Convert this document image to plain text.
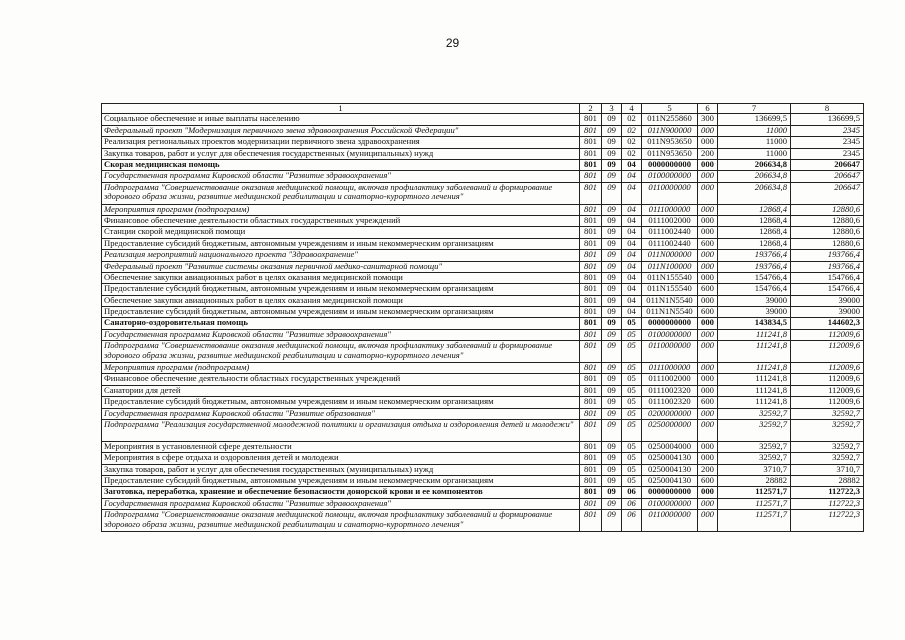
29
1	2	3	4	5	6	7	8
Социальное обеспечение и иные выплаты населению	801	09	02	011N255860	300	136699,5	136699,5
Федеральный проект "Модернизация первичного звена здравоохранения Российской Федерации"	801	09	02	011N900000	000	11000	2345
Реализация региональных проектов модернизации первичного звена здравоохранения	801	09	02	011N953650	000	11000	2345
Закупка товаров, работ и услуг для обеспечения государственных (муниципальных) нужд	801	09	02	011N953650	200	11000	2345
Скорая медицинская помощь	801	09	04	0000000000	000	206634,8	206647
Государственная программа Кировской области "Развитие здравоохранения"	801	09	04	0100000000	000	206634,8	206647
Подпрограмма "Совершенствование оказания медицинской помощи, включая профилактику заболеваний и формирование здорового образа жизни, развитие медицинской реабилитации и санаторно-курортного лечения"	801	09	04	0110000000	000	206634,8	206647
Мероприятия программ (подпрограмм)	801	09	04	0111000000	000	12868,4	12880,6
Финансовое обеспечение деятельности областных государственных учреждений	801	09	04	0111002000	000	12868,4	12880,6
Станции скорой медицинской помощи	801	09	04	0111002440	000	12868,4	12880,6
Предоставление субсидий бюджетным, автономным учреждениям и иным некоммерческим организациям	801	09	04	0111002440	600	12868,4	12880,6
Реализация мероприятий национального проекта "Здравоохранение"	801	09	04	011N000000	000	193766,4	193766,4
Федеральный проект "Развитие системы оказания первичной медико-санитарной помощи"	801	09	04	011N100000	000	193766,4	193766,4
Обеспечение закупки авиационных работ в целях оказания медицинской помощи	801	09	04	011N155540	000	154766,4	154766,4
Предоставление субсидий бюджетным, автономным учреждениям и иным некоммерческим организациям	801	09	04	011N155540	600	154766,4	154766,4
Обеспечение закупки авиационных работ в целях оказания медицинской помощи	801	09	04	011N1N5540	000	39000	39000
Предоставление субсидий бюджетным, автономным учреждениям и иным некоммерческим организациям	801	09	04	011N1N5540	600	39000	39000
Санаторно-оздоровительная помощь	801	09	05	0000000000	000	143834,5	144602,3
Государственная программа Кировской области "Развитие здравоохранения"	801	09	05	0100000000	000	111241,8	112009,6
Подпрограмма "Совершенствование оказания медицинской помощи, включая профилактику заболеваний и формирование здорового образа жизни, развитие медицинской реабилитации и санаторно-курортного лечения"	801	09	05	0110000000	000	111241,8	112009,6
Мероприятия программ (подпрограмм)	801	09	05	0111000000	000	111241,8	112009,6
Финансовое обеспечение деятельности областных государственных учреждений	801	09	05	0111002000	000	111241,8	112009,6
Санатории для детей	801	09	05	0111002320	000	111241,8	112009,6
Предоставление субсидий бюджетным, автономным учреждениям и иным некоммерческим организациям	801	09	05	0111002320	600	111241,8	112009,6
Государственная программа Кировской области "Развитие образования"	801	09	05	0200000000	000	32592,7	32592,7
Подпрограмма "Реализация государственной молодежной политики и организация отдыха и оздоровления детей и молодежи"	801	09	05	0250000000	000	32592,7	32592,7
Мероприятия в установленной сфере деятельности	801	09	05	0250004000	000	32592,7	32592,7
Мероприятия в сфере отдыха и оздоровления детей и молодежи	801	09	05	0250004130	000	32592,7	32592,7
Закупка товаров, работ и услуг для обеспечения государственных (муниципальных) нужд	801	09	05	0250004130	200	3710,7	3710,7
Предоставление субсидий бюджетным, автономным учреждениям и иным некоммерческим организациям	801	09	05	0250004130	600	28882	28882
Заготовка, переработка, хранение и обеспечение безопасности донорской крови и ее компонентов	801	09	06	0000000000	000	112571,7	112722,3
Государственная программа Кировской области "Развитие здравоохранения"	801	09	06	0100000000	000	112571,7	112722,3
Подпрограмма "Совершенствование оказания медицинской помощи, включая профилактику заболеваний и формирование здорового образа жизни, развитие медицинской реабилитации и санаторно-курортного лечения"	801	09	06	0110000000	000	112571,7	112722,3
